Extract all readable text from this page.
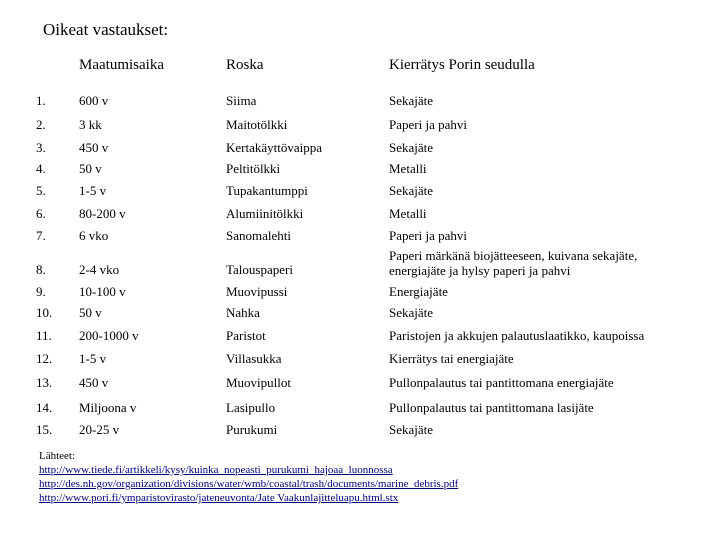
Oikeat vastaukset:
Maatumisaika	Roska	Kierrätys Porin seudulla
1.	600 v	Siima	Sekajäte
2.	3 kk	Maitotölkki	Paperi ja pahvi
3.	450 v	Kertakäyttövaippa	Sekajäte
4.	50 v	Peltitölkki	Metalli
5.	1-5 v	Tupakantumppi	Sekajäte
6.	80-200 v	Alumiinitölkki	Metalli
7.	6 vko	Sanomalehti	Paperi ja pahvi
8.	2-4 vko	Talouspaperi
Paperi märkänä biojätteeseen, kuivana sekajäte,
energiajäte ja hylsy paperi ja pahvi
9.	10-100 v	Muovipussi	Energiajäte
10. 50 v	Nahka	Sekajäte
11. 200-1000 v	Paristot	Paristojen ja akkujen palautuslaatikko, kaupoissa
12. 1-5 v	Villasukka	Kierrätys tai energiajäte
13. 450 v	Muovipullot	Pullonpalautus tai pantittomana energiajäte
14. Miljoona v	Lasipullo	Pullonpalautus tai pantittomana lasijäte
15. 20-25 v	Purukumi	Sekajäte
Lähteet:
http://www.tiede.fi/artikkeli/kysy/kuinka_nopeasti_purukumi_hajoaa_luonnossa
http://des.nh.gov/organization/divisions/water/wmb/coastal/trash/documents/marine_debris.pdf
http://www.pori.fi/ymparistovirasto/jateneuvonta/Jate Vaakunlajitteluapu.html.stx
